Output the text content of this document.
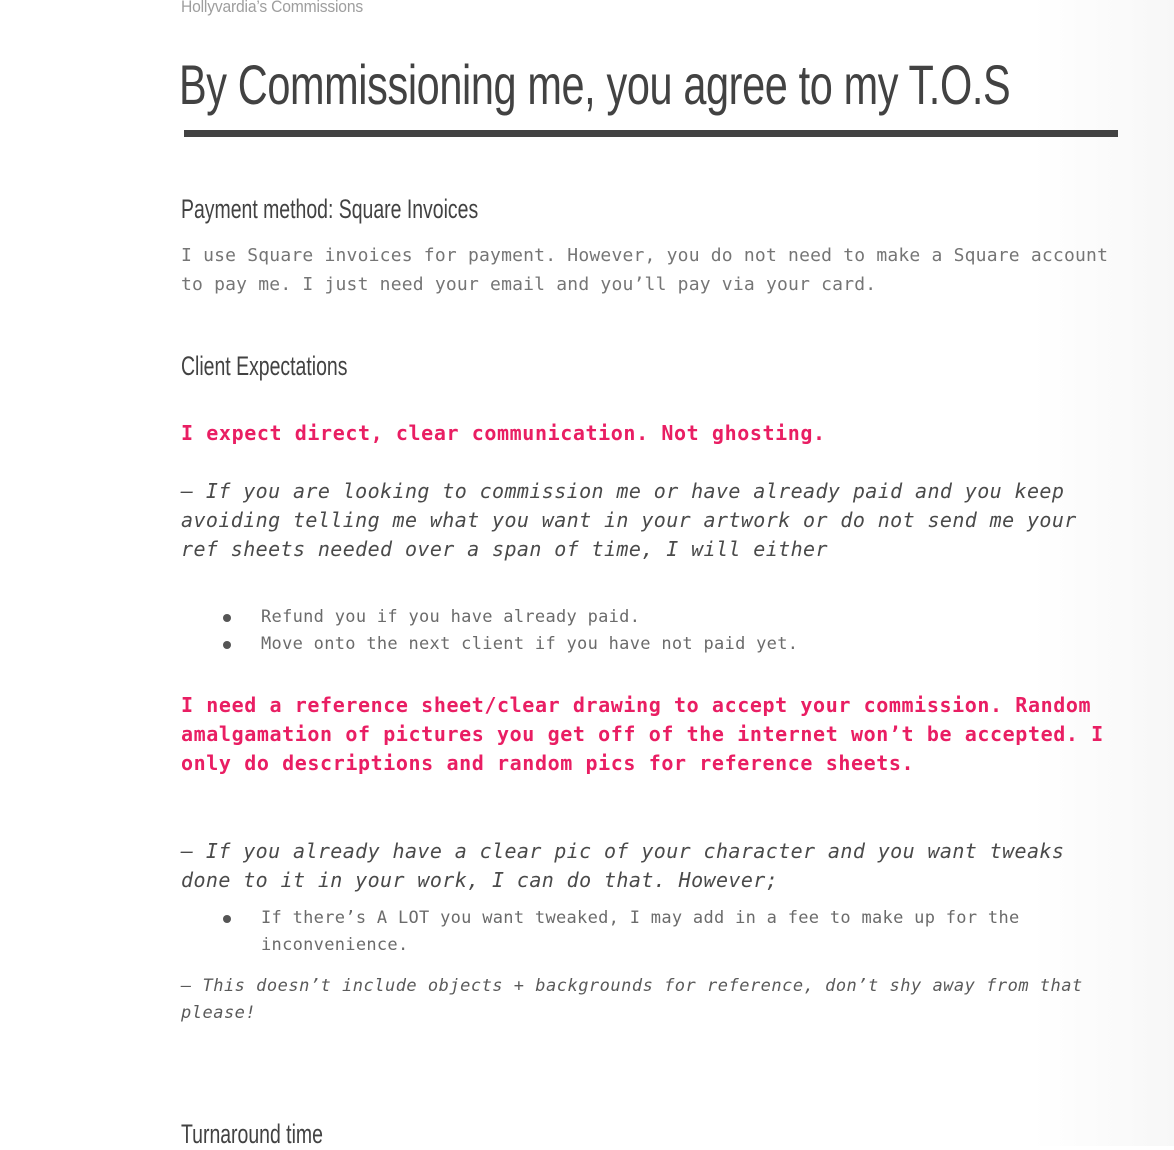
Hollyvardia’s Commissions
By Commissioning me, you agree to my T.O.S
Payment method: Square Invoices

I use Square invoices for payment. However, you do not need to make a Square account to pay me. I just need your email and you’ll pay via your card.

Client Expectations

I expect direct, clear communication. Not ghosting.

— If you are looking to commission me or have already paid and you keep avoiding telling me what you want in your artwork or do not send me your ref sheets needed over a span of time, I will either

Refund you if you have already paid.
Move onto the next client if you have not paid yet.

I need a reference sheet/clear drawing to accept your commission. Random amalgamation of pictures you get off of the internet won’t be accepted. I only do descriptions and random pics for reference sheets.

— If you already have a clear pic of your character and you want tweaks done to it in your work, I can do that. However;

If there’s A LOT you want tweaked, I may add in a fee to make up for the inconvenience.

— This doesn’t include objects + backgrounds for reference, don’t shy away from that please!

Turnaround time
